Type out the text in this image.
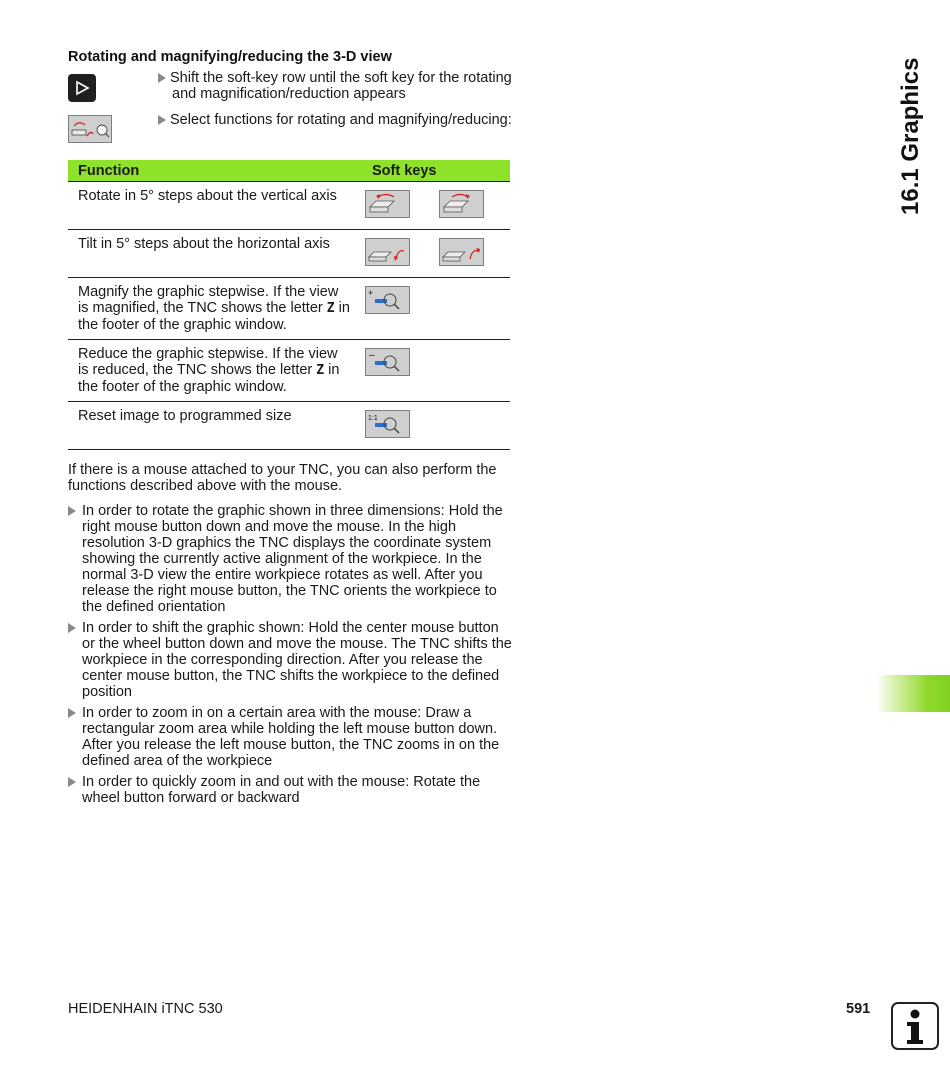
Rotating and magnifying/reducing the 3-D view
Shift the soft-key row until the soft key for the rotating
and magnification/reduction appears
Select functions for rotating and magnifying/reducing:
Function	Soft keys
Rotate in 5° steps about the vertical axis	

Tilt in 5° steps about the horizontal axis	

Magnify the graphic stepwise. If the view is magnified, the TNC shows the letter Z in the footer of the graphic window.	+

Reduce the graphic stepwise. If the view is reduced, the TNC shows the letter Z in the footer of the graphic window.	–

Reset image to programmed size	1:1
If there is a mouse attached to your TNC, you can also perform the functions described above with the mouse.
In order to rotate the graphic shown in three dimensions: Hold the right mouse button down and move the mouse. In the high resolution 3-D graphics the TNC displays the coordinate system showing the currently active alignment of the workpiece. In the normal 3-D view the entire workpiece rotates as well. After you release the right mouse button, the TNC orients the workpiece to the defined orientation
In order to shift the graphic shown: Hold the center mouse button or the wheel button down and move the mouse. The TNC shifts the workpiece in the corresponding direction. After you release the center mouse button, the TNC shifts the workpiece to the defined position
In order to zoom in on a certain area with the mouse: Draw a rectangular zoom area while holding the left mouse button down. After you release the left mouse button, the TNC zooms in on the defined area of the workpiece
In order to quickly zoom in and out with the mouse: Rotate the wheel button forward or backward
16.1 Graphics
HEIDENHAIN iTNC 530	591
